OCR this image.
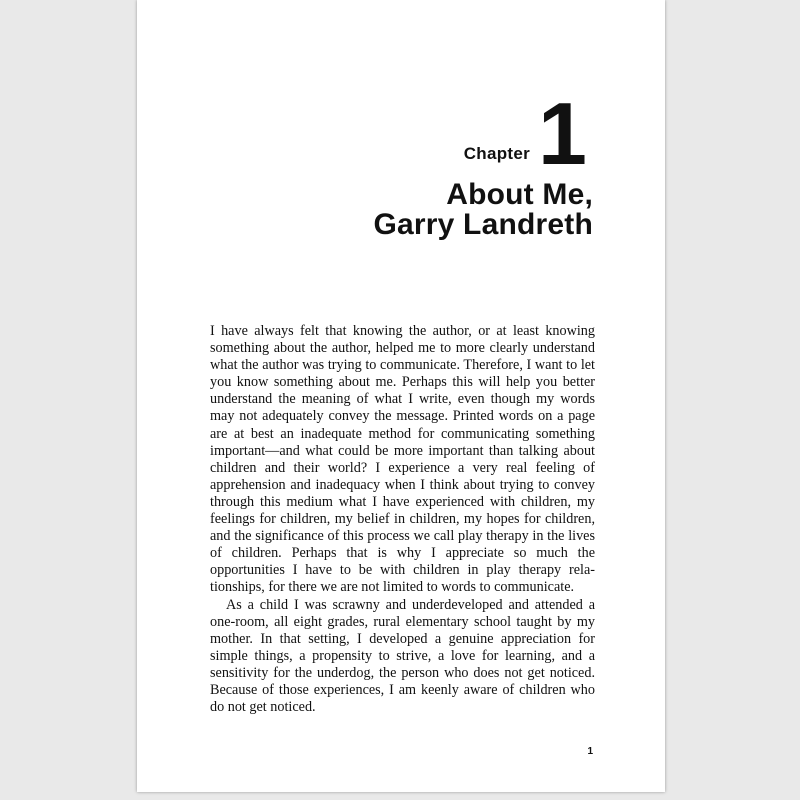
Chapter 1
About Me,
Garry Landreth

I have always felt that knowing the author, or at least knowing something about the author, helped me to more clearly understand what the author was trying to communicate. Therefore, I want to let you know something about me. Perhaps this will help you better understand the meaning of what I write, even though my words may not adequately convey the message. Printed words on a page are at best an inadequate method for communicating something important—and what could be more important than talking about children and their world? I experience a very real feeling of apprehension and inadequacy when I think about trying to convey through this medium what I have experienced with children, my feelings for children, my belief in children, my hopes for children, and the significance of this process we call play therapy in the lives of children. Perhaps that is why I appreciate so much the opportunities I have to be with children in play therapy relationships, for there we are not limited to words to communicate.

As a child I was scrawny and underdeveloped and attended a one-room, all eight grades, rural elementary school taught by my mother. In that setting, I developed a genuine appreciation for simple things, a propensity to strive, a love for learning, and a sensitivity for the underdog, the person who does not get noticed. Because of those experiences, I am keenly aware of children who do not get noticed.

1
